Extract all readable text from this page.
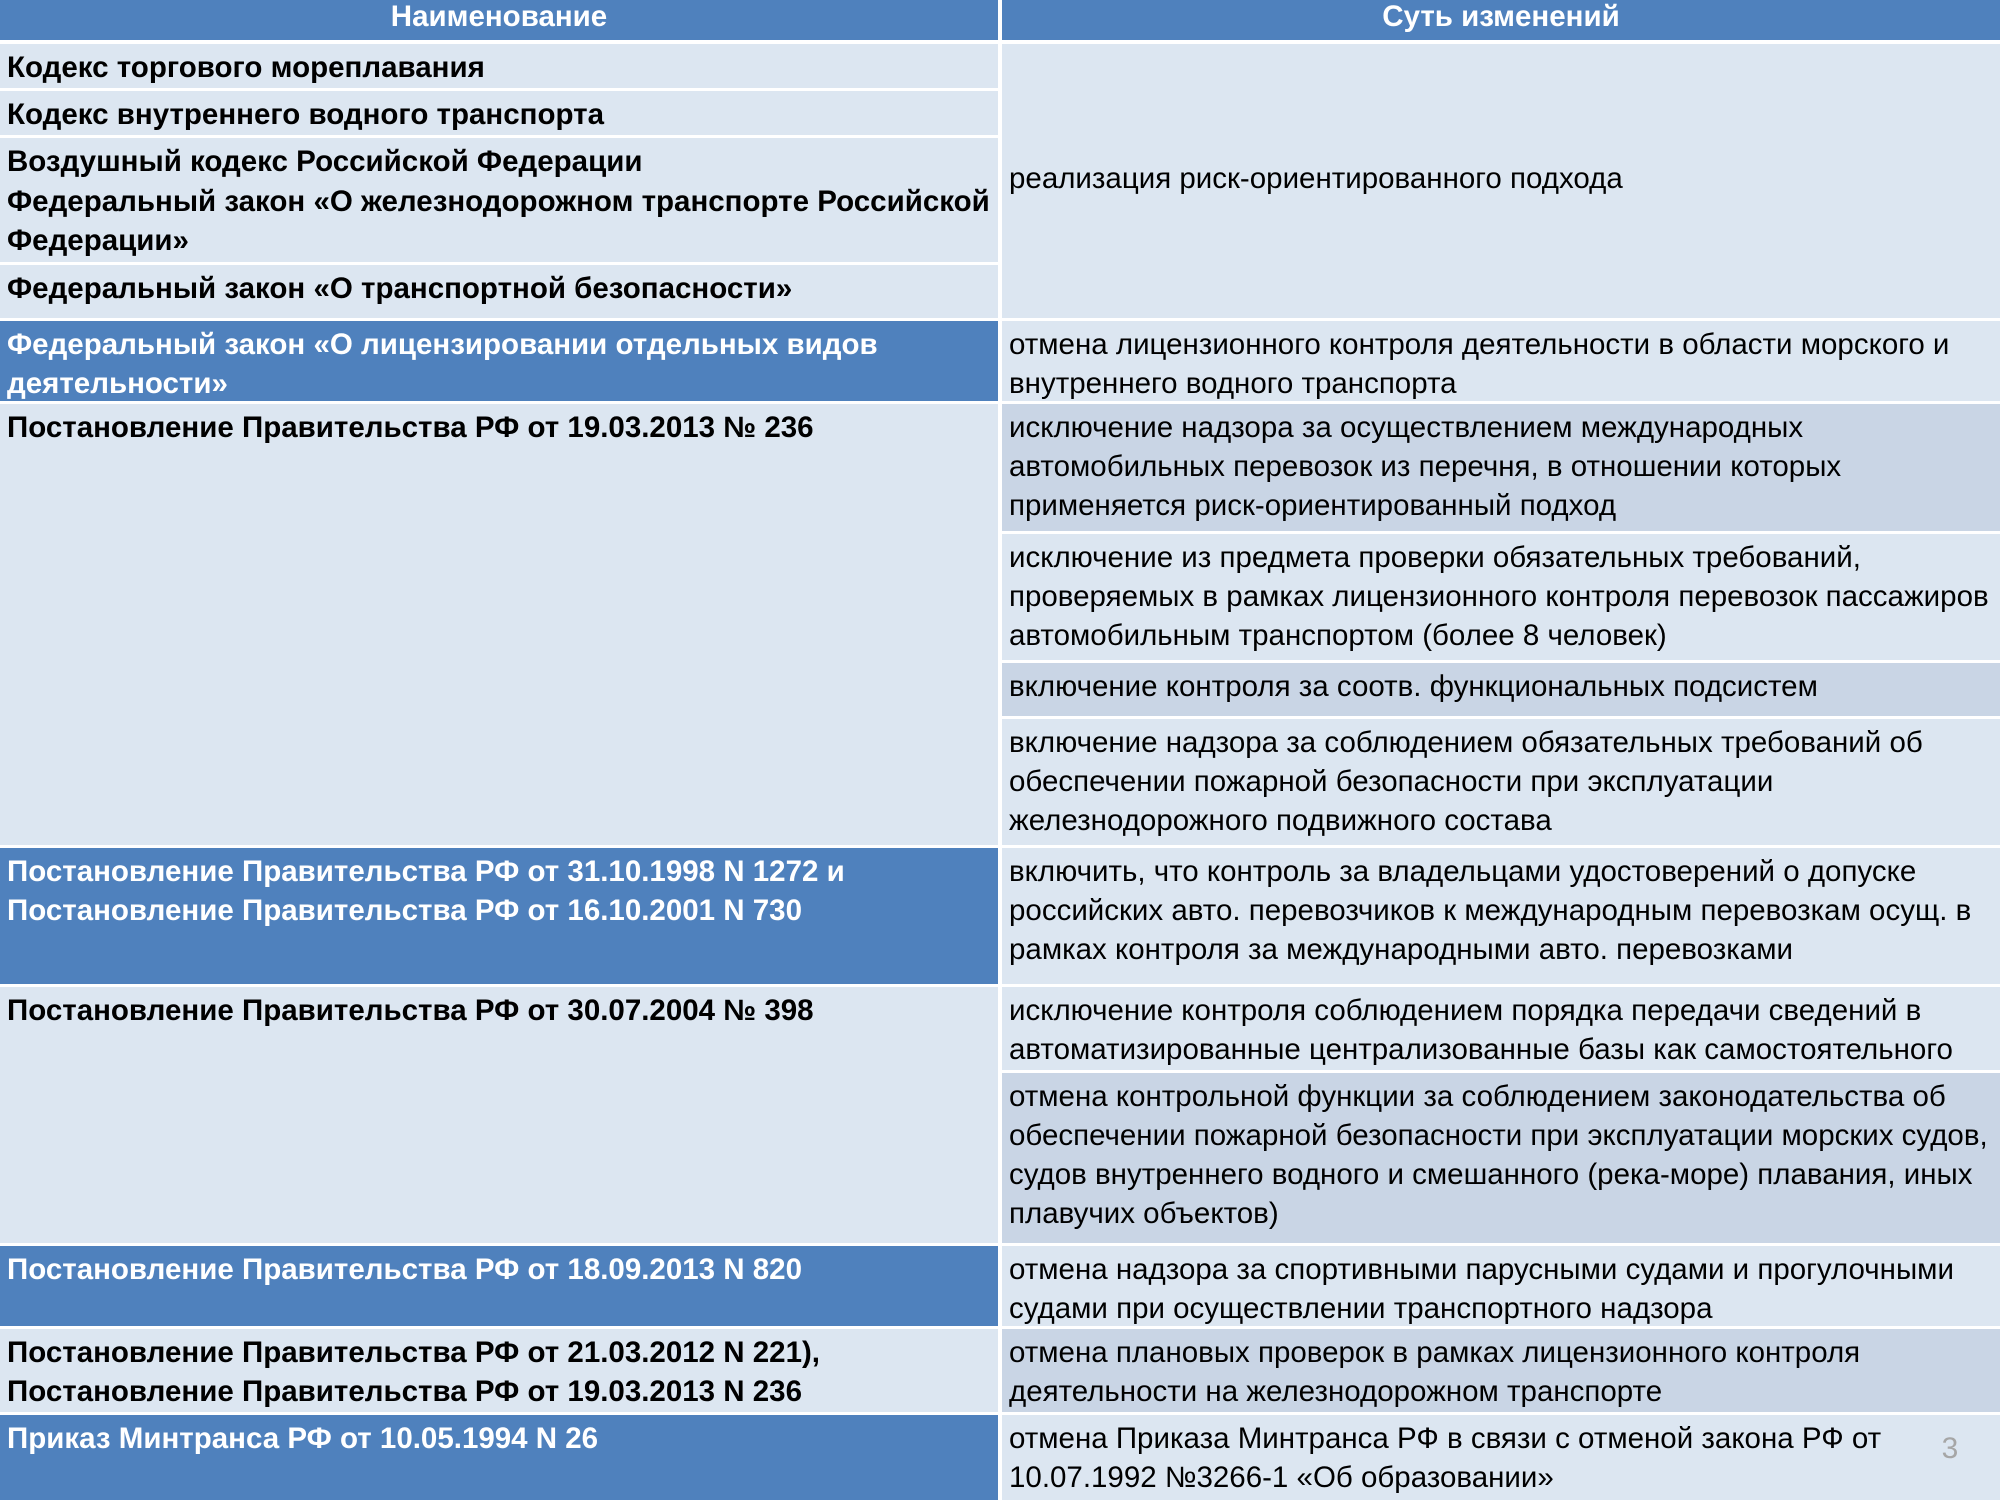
Наименование	Суть изменений
Кодекс торгового мореплавания
Кодекс внутреннего водного транспорта
Воздушный кодекс Российской Федерации
Федеральный закон «О железнодорожном транспорте Российской Федерации»
Федеральный закон «О транспортной безопасности»
Федеральный закон «О лицензировании отдельных видов деятельности»
Постановление Правительства РФ от 19.03.2013 № 236
Постановление Правительства РФ от 31.10.1998 N 1272 и Постановление Правительства РФ от 16.10.2001 N 730
Постановление Правительства РФ от 30.07.2004 № 398
Постановление Правительства РФ от 18.09.2013 N 820
Постановление Правительства РФ от 21.03.2012 N 221), Постановление Правительства РФ от 19.03.2013 N 236
Приказ Минтранса РФ от 10.05.1994 N 26
реализация риск-ориентированного подхода
отмена лицензионного контроля деятельности в области морского и внутреннего водного транспорта
исключение надзора за осуществлением международных автомобильных перевозок из перечня, в отношении которых применяется риск-ориентированный подход
исключение из предмета проверки обязательных требований, проверяемых в рамках лицензионного контроля перевозок пассажиров автомобильным транспортом (более 8 человек)
включение контроля за соотв. функциональных подсистем
включение надзора за соблюдением обязательных требований об обеспечении пожарной безопасности при эксплуатации железнодорожного подвижного состава
включить, что контроль за владельцами удостоверений о допуске российских авто. перевозчиков к международным перевозкам осущ. в рамках контроля за международными авто. перевозками
исключение контроля соблюдением порядка передачи сведений в автоматизированные централизованные базы как самостоятельного
отмена контрольной функции за соблюдением законодательства об обеспечении пожарной безопасности при эксплуатации морских судов, судов внутреннего водного и смешанного (река-море) плавания, иных плавучих объектов)
отмена надзора за спортивными парусными судами и прогулочными судами при осуществлении транспортного надзора
отмена плановых проверок в рамках лицензионного контроля деятельности на железнодорожном транспорте
отмена Приказа Минтранса РФ в связи с отменой закона РФ от 10.07.1992 №3266-1 «Об образовании»
3
